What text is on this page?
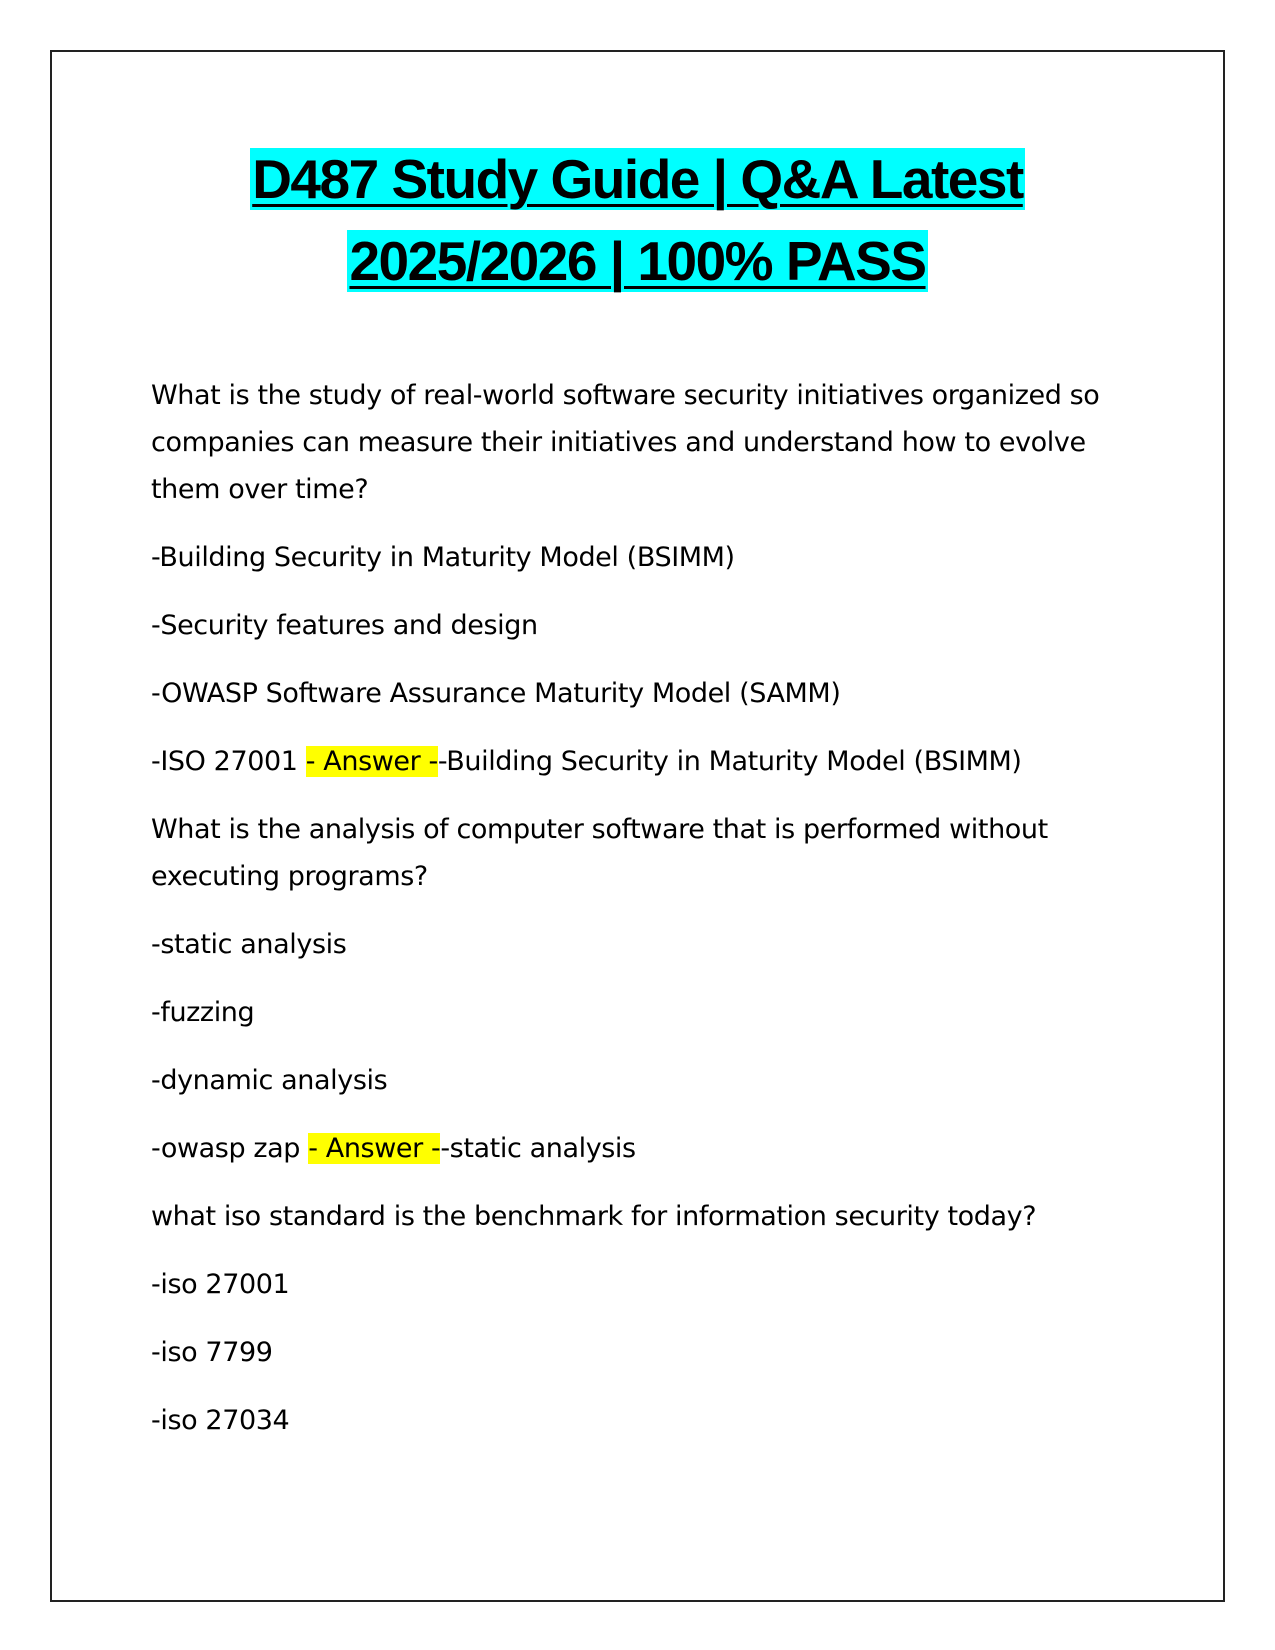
D487 Study Guide | Q&A Latest
2025/2026 | 100% PASS

What is the study of real-world software security initiatives organized so companies can measure their initiatives and understand how to evolve them over time?

-Building Security in Maturity Model (BSIMM)

-Security features and design

-OWASP Software Assurance Maturity Model (SAMM)

-ISO 27001 - Answer --Building Security in Maturity Model (BSIMM)

What is the analysis of computer software that is performed without executing programs?

-static analysis

-fuzzing

-dynamic analysis

-owasp zap - Answer --static analysis

what iso standard is the benchmark for information security today?

-iso 27001

-iso 7799

-iso 27034
